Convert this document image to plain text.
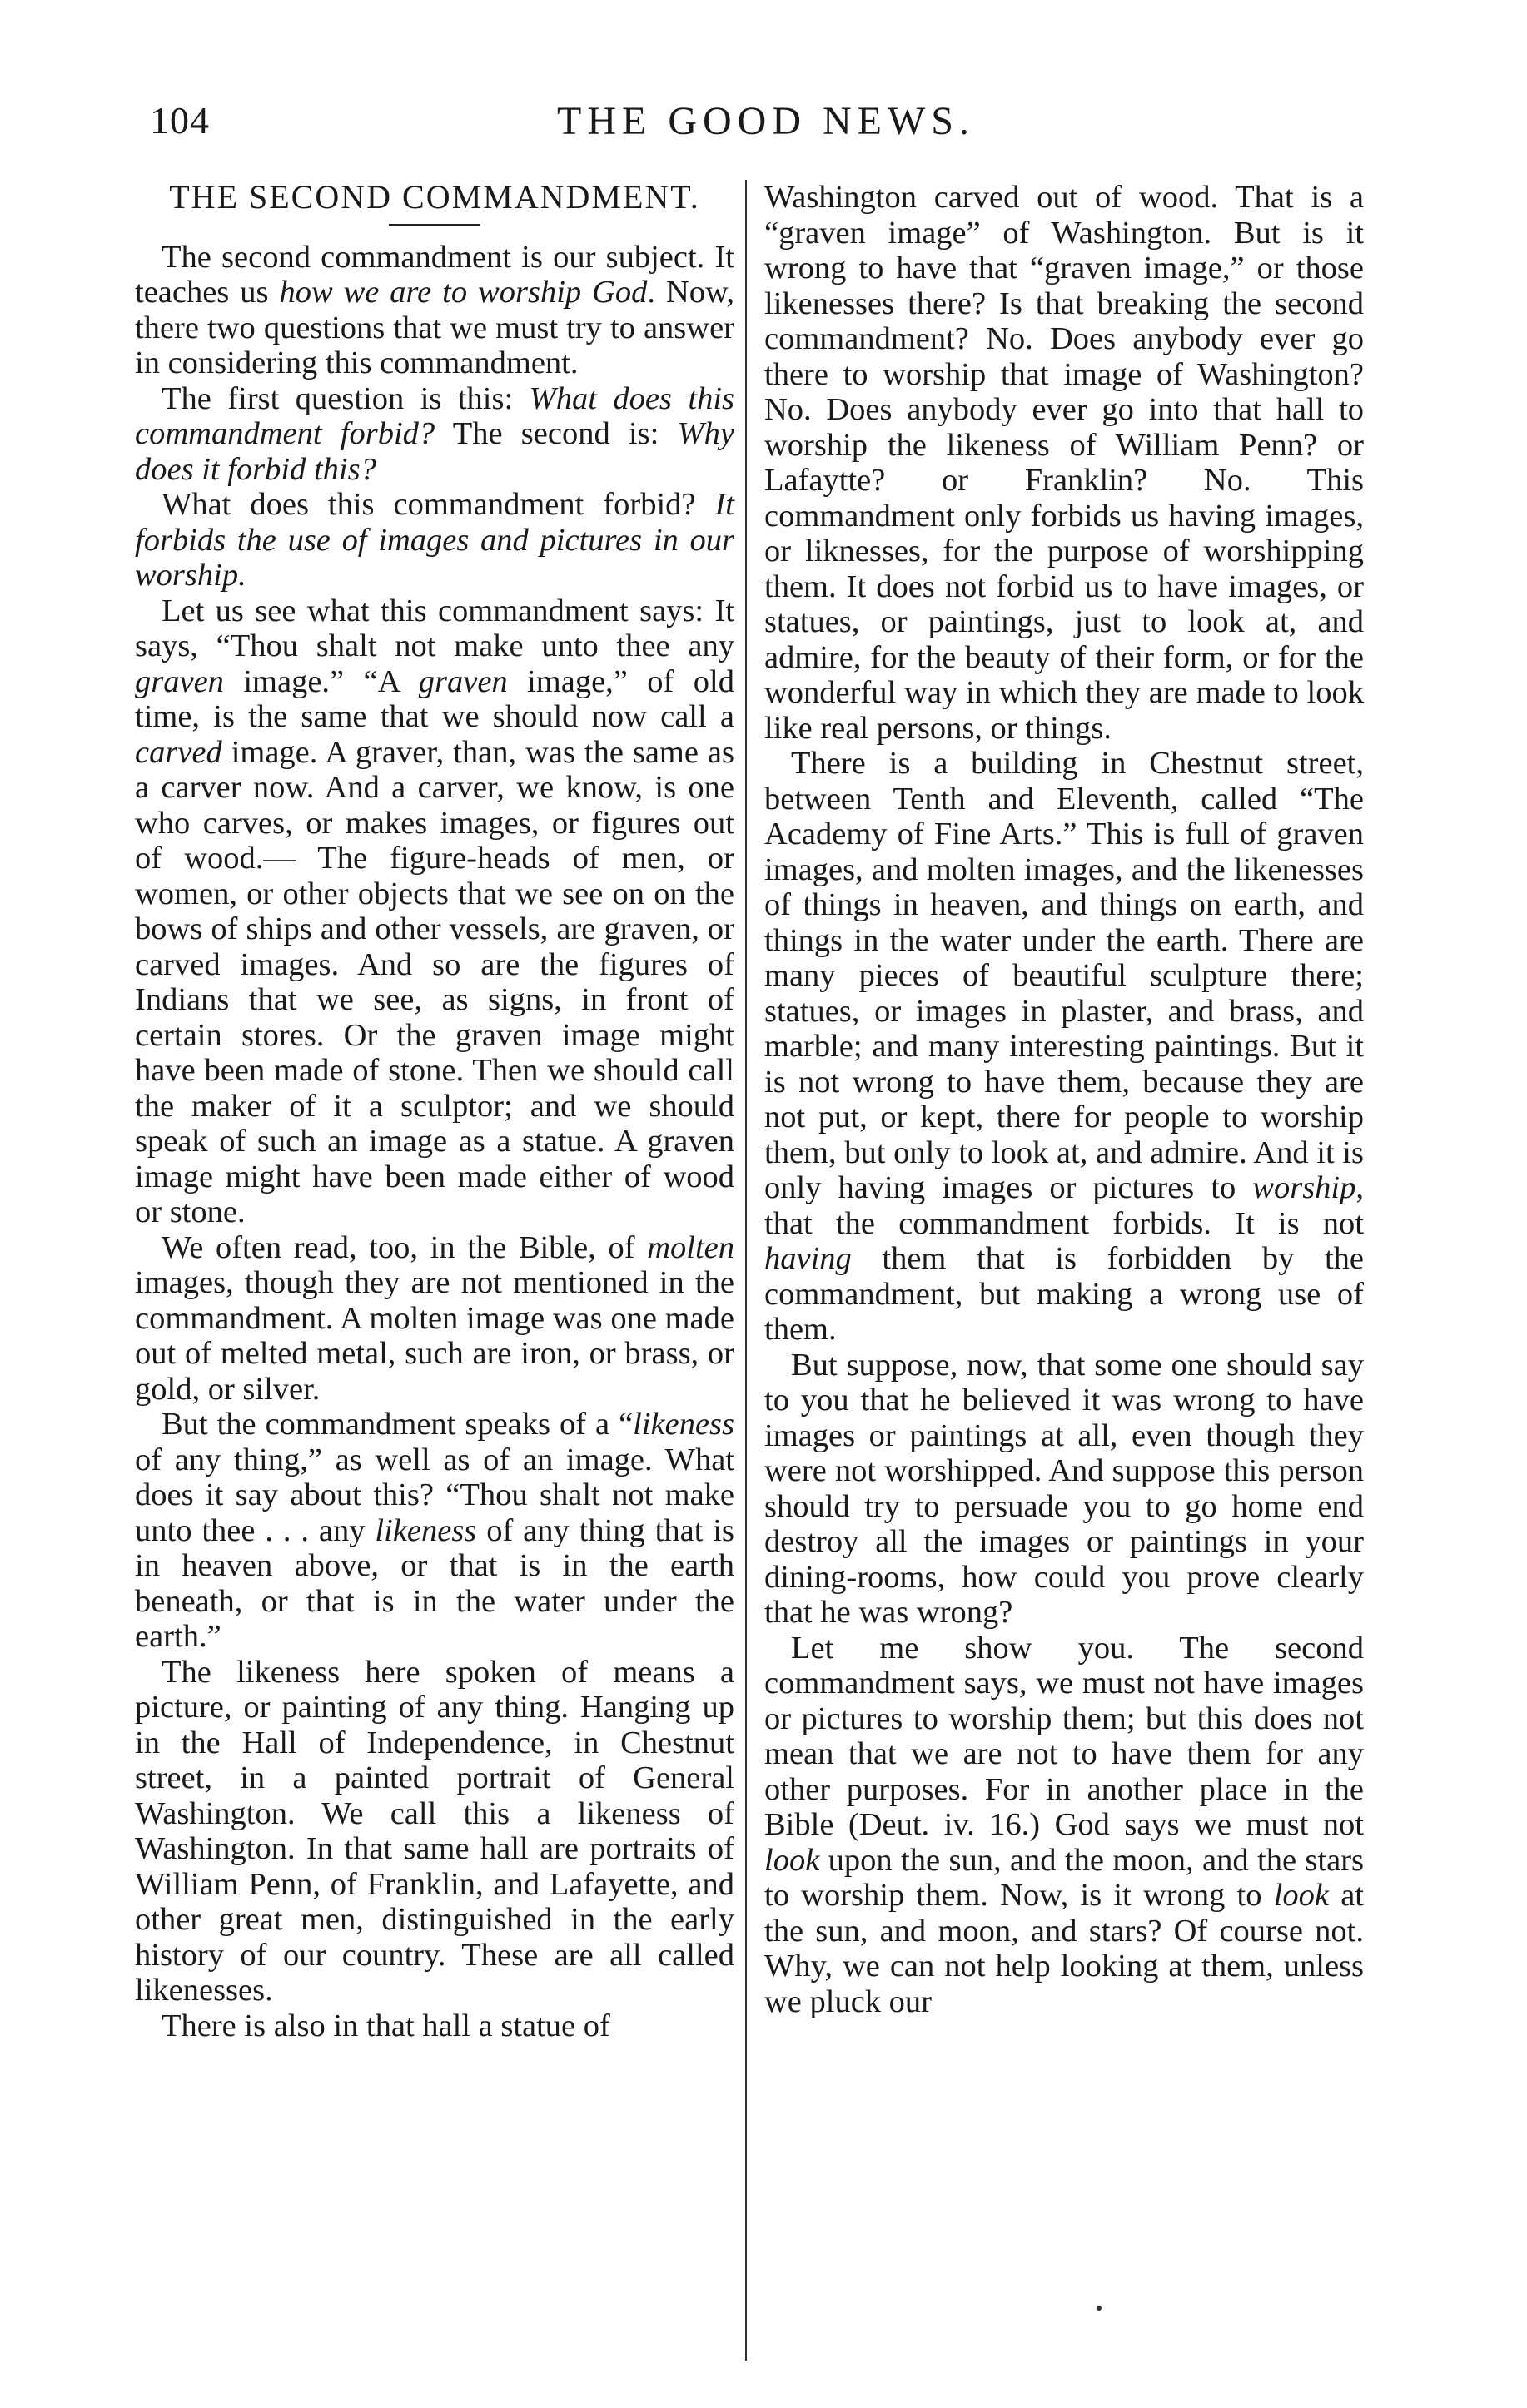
104	THE GOOD NEWS.
THE SECOND COMMANDMENT.

The second commandment is our subject. It teaches us how we are to worship God. Now, there two questions that we must try to answer in considering this commandment.

The first question is this: What does this commandment forbid? The second is: Why does it forbid this?

What does this commandment forbid? It forbids the use of images and pictures in our worship.

Let us see what this commandment says: It says, “Thou shalt not make unto thee any graven image.” “A graven image,” of old time, is the same that we should now call a carved image. A graver, than, was the same as a carver now. And a carver, we know, is one who carves, or makes images, or figures out of wood.— The figure-heads of men, or women, or other objects that we see on on the bows of ships and other vessels, are graven, or carved images. And so are the figures of Indians that we see, as signs, in front of certain stores. Or the graven image might have been made of stone. Then we should call the maker of it a sculptor; and we should speak of such an image as a statue. A graven image might have been made either of wood or stone.

We often read, too, in the Bible, of molten images, though they are not mentioned in the commandment. A molten image was one made out of melted metal, such are iron, or brass, or gold, or silver.

But the commandment speaks of a “likeness of any thing,” as well as of an image. What does it say about this? “Thou shalt not make unto thee . . . any likeness of any thing that is in heaven above, or that is in the earth beneath, or that is in the water under the earth.”

The likeness here spoken of means a picture, or painting of any thing. Hanging up in the Hall of Independence, in Chestnut street, in a painted portrait of General Washington. We call this a likeness of Washington. In that same hall are portraits of William Penn, of Franklin, and Lafayette, and other great men, distinguished in the early history of our country. These are all called likenesses.

There is also in that hall a statue of

Washington carved out of wood. That is a “graven image” of Washington. But is it wrong to have that “graven image,” or those likenesses there? Is that breaking the second commandment? No. Does anybody ever go there to worship that image of Washington? No. Does anybody ever go into that hall to worship the likeness of William Penn? or Lafaytte? or Franklin? No. This commandment only forbids us having images, or liknesses, for the purpose of worshipping them. It does not forbid us to have images, or statues, or paintings, just to look at, and admire, for the beauty of their form, or for the wonderful way in which they are made to look like real persons, or things.

There is a building in Chestnut street, between Tenth and Eleventh, called “The Academy of Fine Arts.” This is full of graven images, and molten images, and the likenesses of things in heaven, and things on earth, and things in the water under the earth. There are many pieces of beautiful sculpture there; statues, or images in plaster, and brass, and marble; and many interesting paintings. But it is not wrong to have them, because they are not put, or kept, there for people to worship them, but only to look at, and admire. And it is only having images or pictures to worship, that the commandment forbids. It is not having them that is forbidden by the commandment, but making a wrong use of them.

But suppose, now, that some one should say to you that he believed it was wrong to have images or paintings at all, even though they were not worshipped. And suppose this person should try to persuade you to go home end destroy all the images or paintings in your dining-rooms, how could you prove clearly that he was wrong?

Let me show you. The second commandment says, we must not have images or pictures to worship them; but this does not mean that we are not to have them for any other purposes. For in another place in the Bible (Deut. iv. 16.) God says we must not look upon the sun, and the moon, and the stars to worship them. Now, is it wrong to look at the sun, and moon, and stars? Of course not. Why, we can not help looking at them, unless we pluck our
